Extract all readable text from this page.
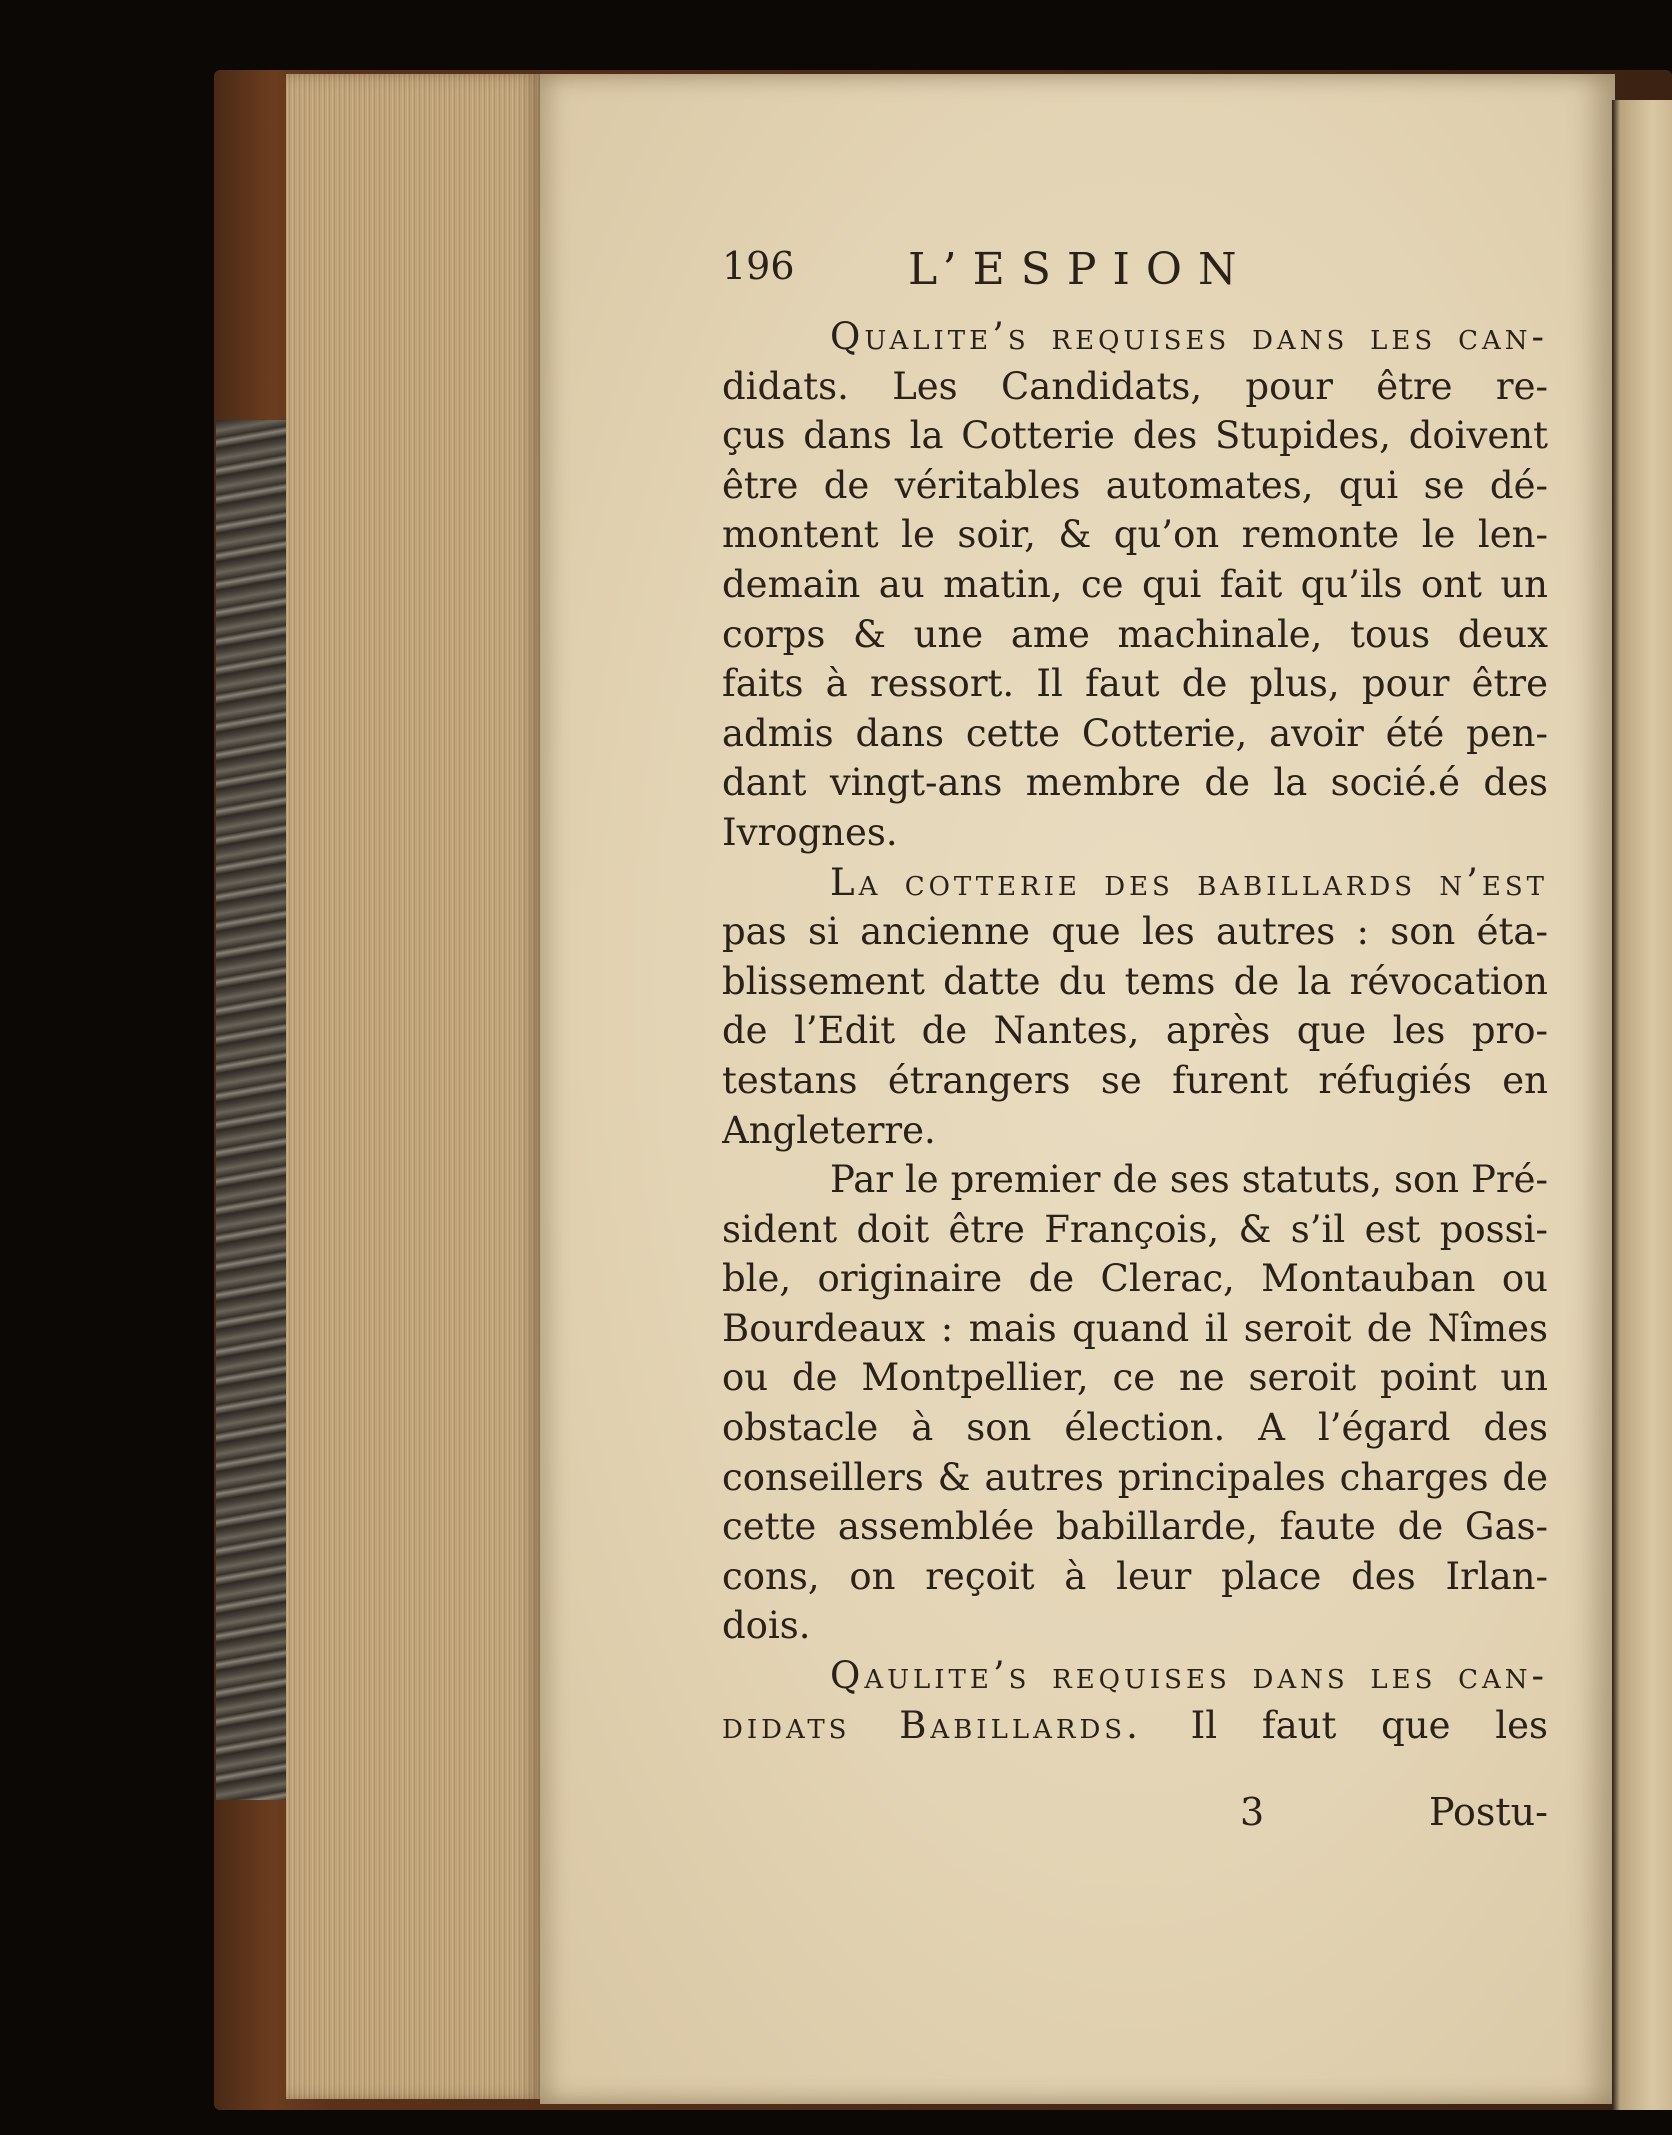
196	L’ESPION
Qualite’s requises dans les can-
didats. Les Candidats, pour être re-
çus dans la Cotterie des Stupides, doivent
être de véritables automates, qui se dé-
montent le soir, & qu’on remonte le len-
demain au matin, ce qui fait qu’ils ont un
corps & une ame machinale, tous deux
faits à ressort. Il faut de plus, pour être
admis dans cette Cotterie, avoir été pen-
dant vingt-ans membre de la socié.é des
Ivrognes.
La cotterie des babillards n’est
pas si ancienne que les autres : son éta-
blissement datte du tems de la révocation
de l’Edit de Nantes, après que les pro-
testans étrangers se furent réfugiés en
Angleterre.
Par le premier de ses statuts, son Pré-
sident doit être François, & s’il est possi-
ble, originaire de Clerac, Montauban ou
Bourdeaux : mais quand il seroit de Nîmes
ou de Montpellier, ce ne seroit point un
obstacle à son élection. A l’égard des
conseillers & autres principales charges de
cette assemblée babillarde, faute de Gas-
cons, on reçoit à leur place des Irlan-
dois.
Qaulite’s requises dans les can-
didats Babillards. Il faut que les
3	Postu-
